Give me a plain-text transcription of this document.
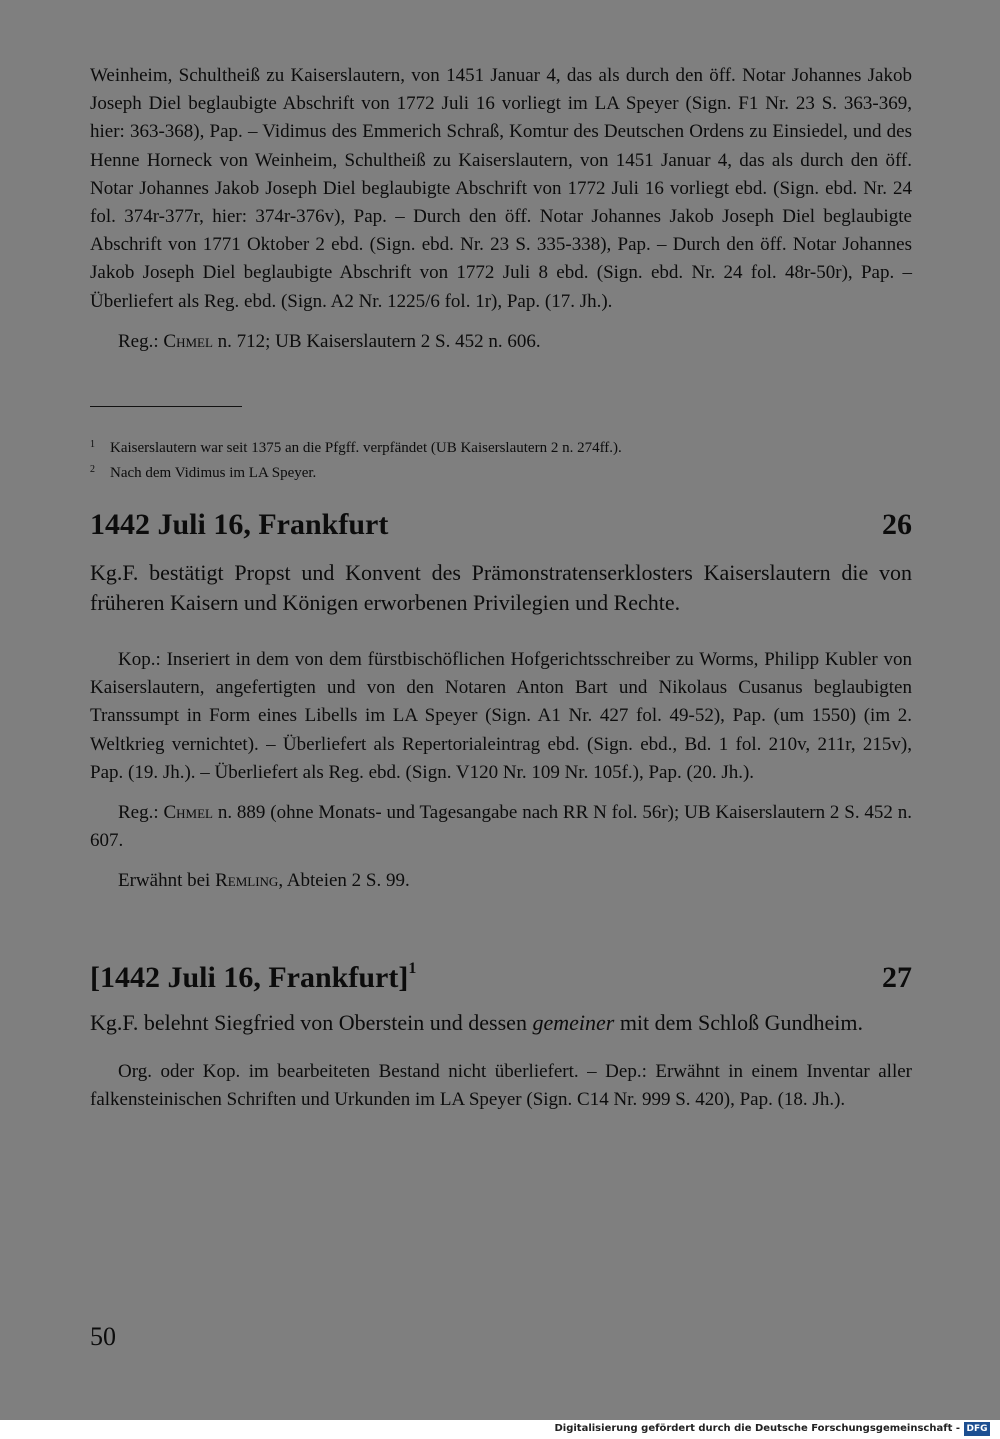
Weinheim, Schultheiß zu Kaiserslautern, von 1451 Januar 4, das als durch den öff. Notar Johannes Jakob Joseph Diel beglaubigte Abschrift von 1772 Juli 16 vorliegt im LA Speyer (Sign. F1 Nr. 23 S. 363-369, hier: 363-368), Pap. – Vidimus des Emmerich Schraß, Komtur des Deutschen Ordens zu Einsiedel, und des Henne Horneck von Weinheim, Schultheiß zu Kaiserslautern, von 1451 Januar 4, das als durch den öff. Notar Johannes Jakob Joseph Diel beglaubigte Abschrift von 1772 Juli 16 vorliegt ebd. (Sign. ebd. Nr. 24 fol. 374r-377r, hier: 374r-376v), Pap. – Durch den öff. Notar Johannes Jakob Joseph Diel beglaubigte Abschrift von 1771 Oktober 2 ebd. (Sign. ebd. Nr. 23 S. 335-338), Pap. – Durch den öff. Notar Johannes Jakob Joseph Diel beglaubigte Abschrift von 1772 Juli 8 ebd. (Sign. ebd. Nr. 24 fol. 48r-50r), Pap. – Überliefert als Reg. ebd. (Sign. A2 Nr. 1225/6 fol. 1r), Pap. (17. Jh.).

Reg.: Chmel n. 712; UB Kaiserslautern 2 S. 452 n. 606.

$^1$ Kaiserslautern war seit 1375 an die Pfgff. verpfändet (UB Kaiserslautern 2 n. 274ff.).

$^2$ Nach dem Vidimus im LA Speyer.

1442 Juli 16, Frankfurt	26

Kg.F. bestätigt Propst und Konvent des Prämonstratenserklosters Kaiserslautern die von früheren Kaisern und Königen erworbenen Privilegien und Rechte.

Kop.: Inseriert in dem von dem fürstbischöflichen Hofgerichtsschreiber zu Worms, Philipp Kubler von Kaiserslautern, angefertigten und von den Notaren Anton Bart und Nikolaus Cusanus beglaubigten Transsumpt in Form eines Libells im LA Speyer (Sign. A1 Nr. 427 fol. 49-52), Pap. (um 1550) (im 2. Weltkrieg vernichtet). – Überliefert als Repertorialeintrag ebd. (Sign. ebd., Bd. 1 fol. 210v, 211r, 215v), Pap. (19. Jh.). – Überliefert als Reg. ebd. (Sign. V120 Nr. 109 Nr. 105f.), Pap. (20. Jh.).

Reg.: Chmel n. 889 (ohne Monats- und Tagesangabe nach RR N fol. 56r); UB Kaiserslautern 2 S. 452 n. 607.

Erwähnt bei Remling, Abteien 2 S. 99.

[1442 Juli 16, Frankfurt]$^1$	27

Kg.F. belehnt Siegfried von Oberstein und dessen gemeiner mit dem Schloß Gundheim.

Org. oder Kop. im bearbeiteten Bestand nicht überliefert. – Dep.: Erwähnt in einem Inventar aller falkensteinischen Schriften und Urkunden im LA Speyer (Sign. C14 Nr. 999 S. 420), Pap. (18. Jh.).

50
Digitalisierung gefördert durch die Deutsche Forschungsgemeinschaft - DFG
